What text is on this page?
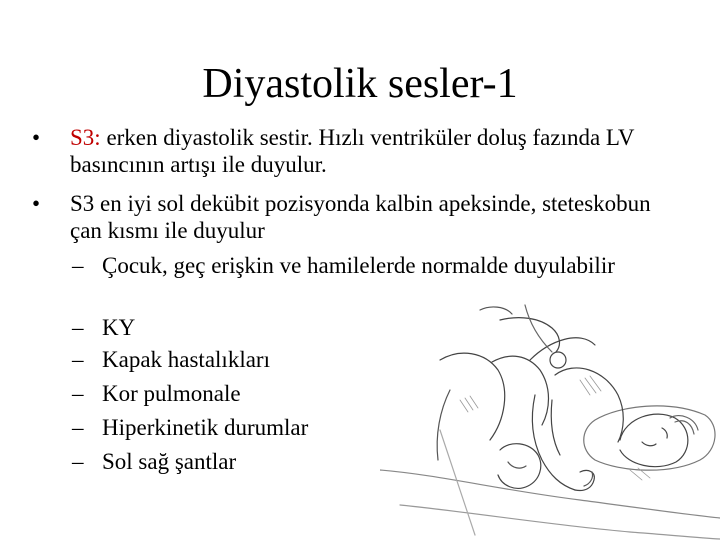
Diyastolik sesler-1

• S3: erken diyastolik sestir. Hızlı ventriküler doluş fazında LV basıncının artışı ile duyulur.

• S3 en iyi sol dekübit pozisyonda kalbin apeksinde, steteskobun çan kısmı ile duyulur

– Çocuk, geç erişkin ve hamilelerde normalde duyulabilir

– KY

– Kapak hastalıkları

– Kor pulmonale

– Hiperkinetik durumlar

– Sol sağ şantlar
